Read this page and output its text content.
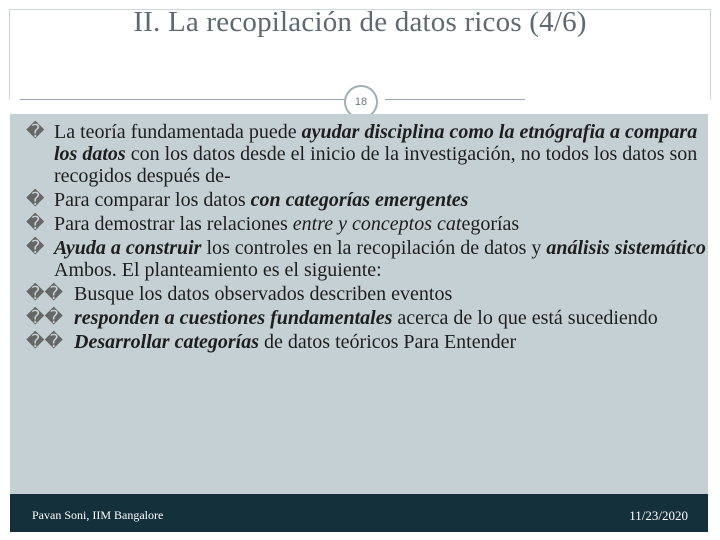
II. La recopilación de datos ricos (4/6)
18
� La teoría fundamentada puede ayudar disciplina como la etnógrafia a compara los datos con los datos desde el inicio de la investigación, no todos los datos son recogidos después de-
� Para comparar los datos con categorías emergentes
� Para demostrar las relaciones entre y conceptos categorías
� Ayuda a construir los controles en la recopilación de datos y análisis sistemático Ambos. El planteamiento es el siguiente:
�� Busque los datos observados describen eventos
�� responden a cuestiones fundamentales acerca de lo que está sucediendo
�� Desarrollar categorías de datos teóricos Para Entender
Pavan Soni, IIM Bangalore	11/23/2020
